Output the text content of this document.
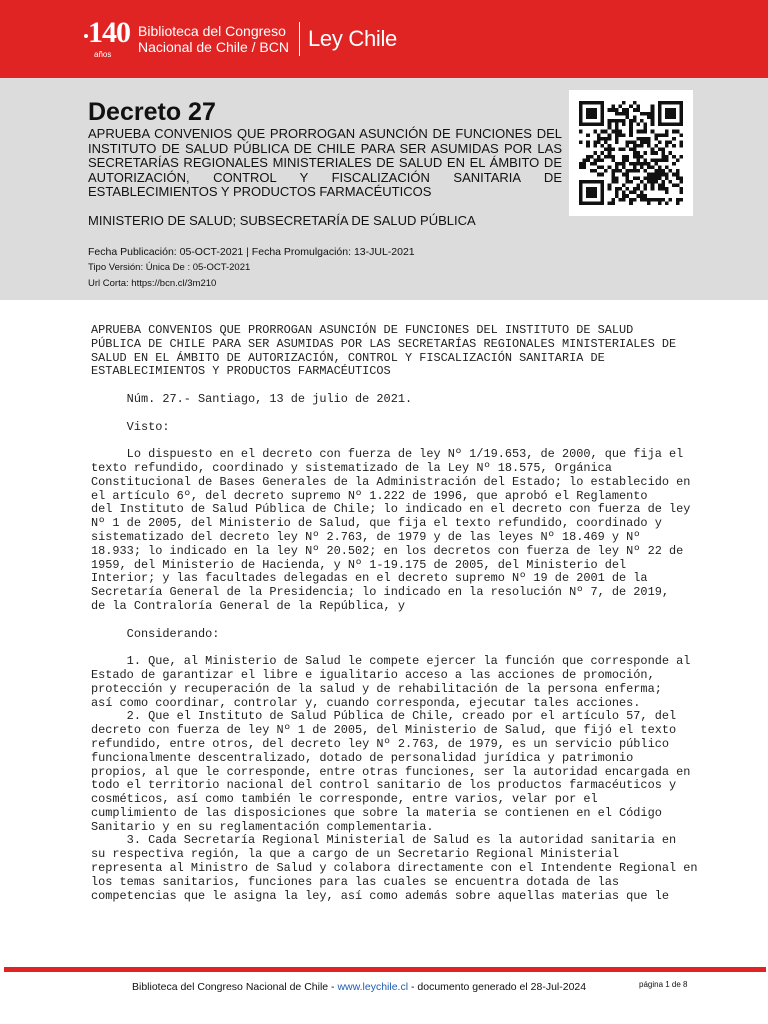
140
años
Biblioteca del Congreso
Nacional de Chile / BCN Ley Chile
Decreto 27

APRUEBA CONVENIOS QUE PRORROGAN ASUNCIÓN DE FUNCIONES DEL INSTITUTO DE SALUD PÚBLICA DE CHILE PARA SER ASUMIDAS POR LAS SECRETARÍAS REGIONALES MINISTERIALES DE SALUD EN EL ÁMBITO DE AUTORIZACIÓN, CONTROL Y FISCALIZACIÓN SANITARIA DE ESTABLECIMIENTOS Y PRODUCTOS FARMACÉUTICOS

MINISTERIO DE SALUD; SUBSECRETARÍA DE SALUD PÚBLICA
Fecha Publicación: 05-OCT-2021 | Fecha Promulgación: 13-JUL-2021
Tipo Versión: Única De : 05-OCT-2021
Url Corta: https://bcn.cl/3m210
APRUEBA CONVENIOS QUE PRORROGAN ASUNCIÓN DE FUNCIONES DEL INSTITUTO DE SALUD
PÚBLICA DE CHILE PARA SER ASUMIDAS POR LAS SECRETARÍAS REGIONALES MINISTERIALES DE
SALUD EN EL ÁMBITO DE AUTORIZACIÓN, CONTROL Y FISCALIZACIÓN SANITARIA DE
ESTABLECIMIENTOS Y PRODUCTOS FARMACÉUTICOS

Núm. 27.- Santiago, 13 de julio de 2021.

Visto:

Lo dispuesto en el decreto con fuerza de ley Nº 1/19.653, de 2000, que fija el
texto refundido, coordinado y sistematizado de la Ley Nº 18.575, Orgánica
Constitucional de Bases Generales de la Administración del Estado; lo establecido en
el artículo 6º, del decreto supremo Nº 1.222 de 1996, que aprobó el Reglamento
del Instituto de Salud Pública de Chile; lo indicado en el decreto con fuerza de ley
Nº 1 de 2005, del Ministerio de Salud, que fija el texto refundido, coordinado y
sistematizado del decreto ley Nº 2.763, de 1979 y de las leyes Nº 18.469 y Nº
18.933; lo indicado en la ley Nº 20.502; en los decretos con fuerza de ley Nº 22 de
1959, del Ministerio de Hacienda, y Nº 1-19.175 de 2005, del Ministerio del
Interior; y las facultades delegadas en el decreto supremo Nº 19 de 2001 de la
Secretaría General de la Presidencia; lo indicado en la resolución Nº 7, de 2019,
de la Contraloría General de la República, y

Considerando:

1. Que, al Ministerio de Salud le compete ejercer la función que corresponde al
Estado de garantizar el libre e igualitario acceso a las acciones de promoción,
protección y recuperación de la salud y de rehabilitación de la persona enferma;
así como coordinar, controlar y, cuando corresponda, ejecutar tales acciones.
2. Que el Instituto de Salud Pública de Chile, creado por el artículo 57, del
decreto con fuerza de ley Nº 1 de 2005, del Ministerio de Salud, que fijó el texto
refundido, entre otros, del decreto ley Nº 2.763, de 1979, es un servicio público
funcionalmente descentralizado, dotado de personalidad jurídica y patrimonio
propios, al que le corresponde, entre otras funciones, ser la autoridad encargada en
todo el territorio nacional del control sanitario de los productos farmacéuticos y
cosméticos, así como también le corresponde, entre varios, velar por el
cumplimiento de las disposiciones que sobre la materia se contienen en el Código
Sanitario y en su reglamentación complementaria.
3. Cada Secretaría Regional Ministerial de Salud es la autoridad sanitaria en
su respectiva región, la que a cargo de un Secretario Regional Ministerial
representa al Ministro de Salud y colabora directamente con el Intendente Regional en
los temas sanitarios, funciones para las cuales se encuentra dotada de las
competencias que le asigna la ley, así como además sobre aquellas materias que le
Biblioteca del Congreso Nacional de Chile - www.leychile.cl - documento generado el 28-Jul-2024	página 1 de 8
